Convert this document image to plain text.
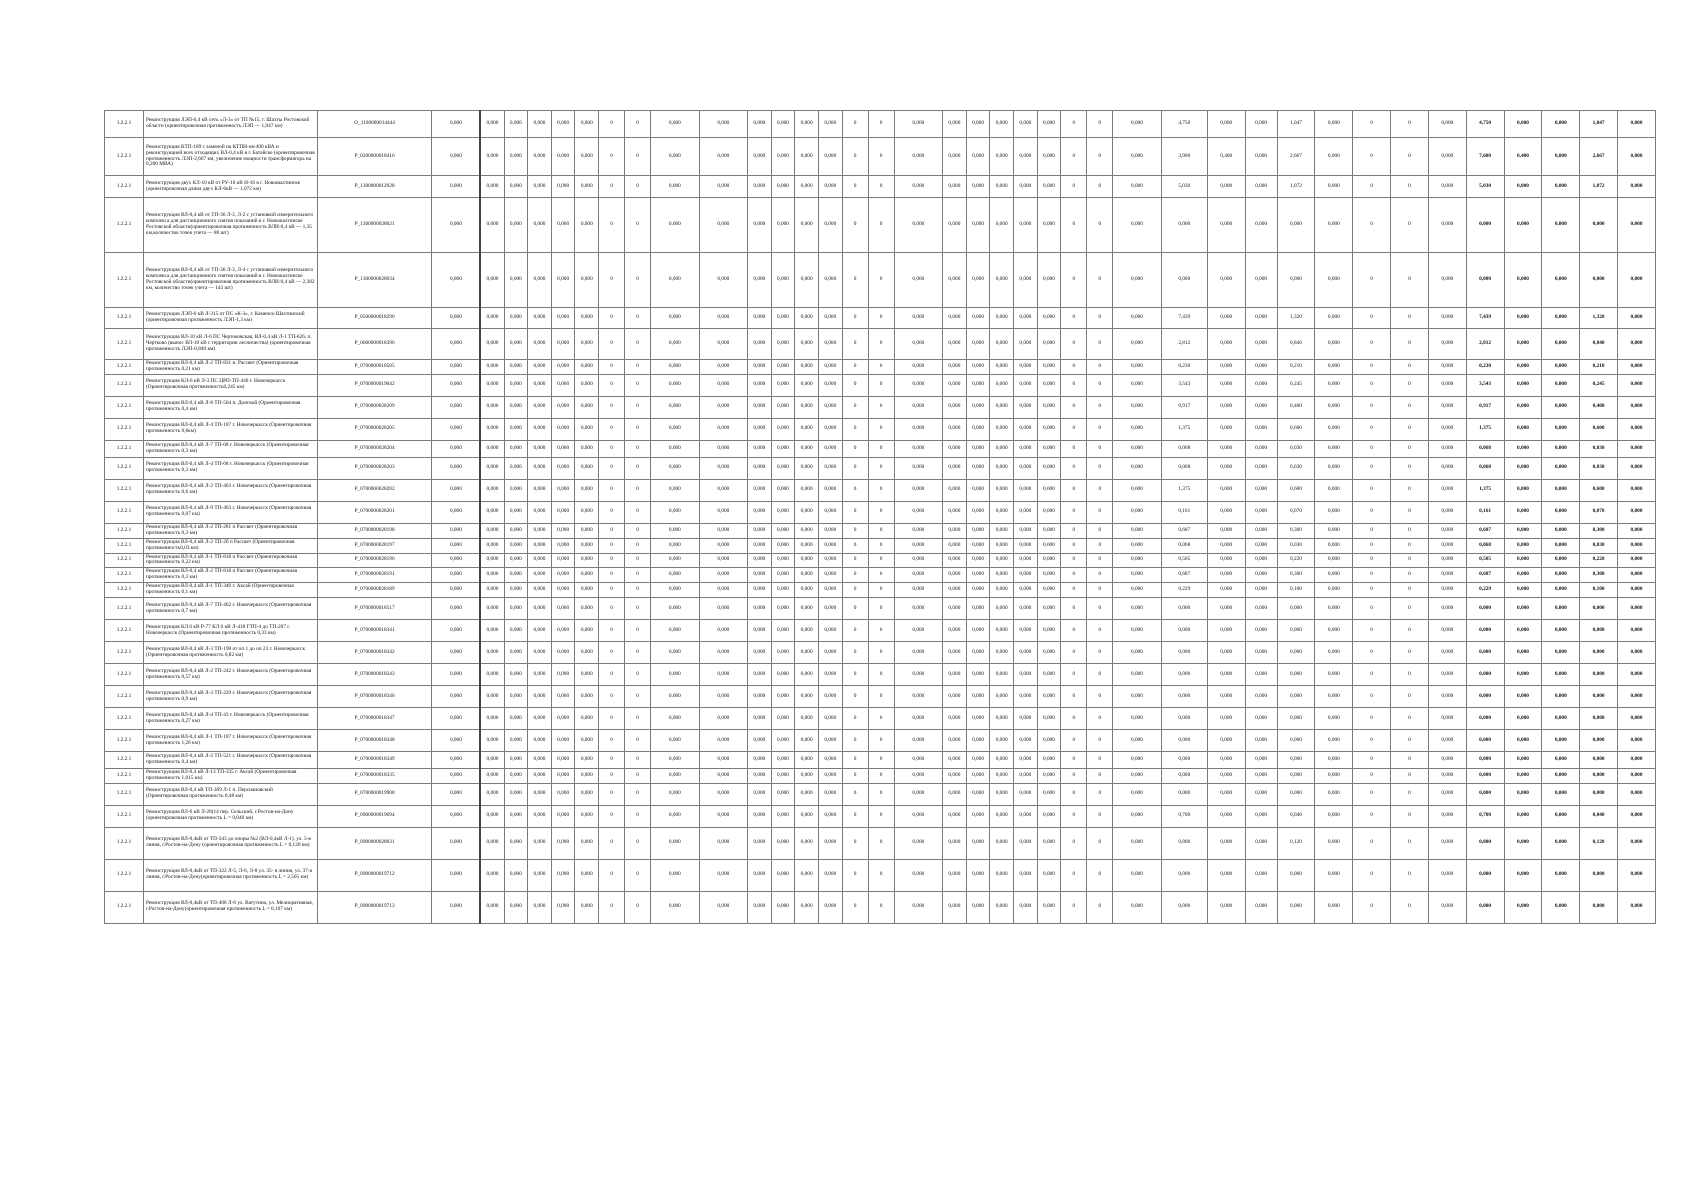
1.2.2.1	Реконструкция ЛЭП-0,4 кВ сеть «Л-3» от ТП №15, г. Шахты Ростовской области (ориентировочная протяженность ЛЭП — 1,047 км)	O_1100000014444	0,000	0,000	0,000	0,000	0,000	0,000	0	0	0,000	0,000	0,000	0,000	0,000	0,000	0	0	0,000	0,000	0,000	0,000	0,000	0,000	0	0	0,000	4,750	0,000	0,000	1,047	0,000	0	0	0,000	4,750	0,000	0,000	1,047	0,000
1.2.2.1	Реконструкция КТП-189 с заменой на КТПН-ов-400 кВА и реконструкцией всех отходящих ВЛ-0,4 кВ в г. Батайске (ориентировочная протяженность ЛЭП-2,667 км, увеличение мощности трансформатора на 0,200 МВА)	P_0200000018410	0,000	0,000	0,000	0,000	0,000	0,000	0	0	0,000	0,000	0,000	0,000	0,000	0,000	0	0	0,000	0,000	0,000	0,000	0,000	0,000	0	0	0,000	3,900	0,400	0,000	2,667	0,000	0	0	0,000	7,600	0,400	0,000	2,667	0,000
1.2.2.1	Реконструкция двух КЛ-10 кВ от РУ-10 кВ Н-16 в г. Новошахтинске (ориентировочная длина двух КЛ-6кВ — 1,072 км)	P_1300000012028	0,000	0,000	0,000	0,000	0,000	0,000	0	0	0,000	0,000	0,000	0,000	0,000	0,000	0	0	0,000	0,000	0,000	0,000	0,000	0,000	0	0	0,000	5,030	0,000	0,000	1,072	0,000	0	0	0,000	5,030	0,000	0,000	1,072	0,000
1.2.2.1	Реконструкция ВЛ-0,4 кВ от ТП-36 Л-3, Л-2 с установкой измерительного комплекса для дистанционного снятия показаний в г. Новошахтинске Ростовской области(ориентировочная протяженность ВЛИ-0,4 кВ — 1,35 км,количество точек учета — 88 шт)	P_1300000028021	0,000	0,000	0,000	0,000	0,000	0,000	0	0	0,000	0,000	0,000	0,000	0,000	0,000	0	0	0,000	0,000	0,000	0,000	0,000	0,000	0	0	0,000	0,000	0,000	0,000	0,000	0,000	0	0	0,000	0,000	0,000	0,000	0,000	0,000
1.2.2.1	Реконструкция ВЛ-0,4 кВ от ТП-36 Л-3, Л-4 с установкой измерительного комплекса для дистанционного снятия показаний в г. Новошахтинске Ростовской области(ориентировочная протяженность ВЛИ-0,4 кВ — 2,382 км, количество точек учета — 143 шт)	P_1300000028034	0,000	0,000	0,000	0,000	0,000	0,000	0	0	0,000	0,000	0,000	0,000	0,000	0,000	0	0	0,000	0,000	0,000	0,000	0,000	0,000	0	0	0,000	0,000	0,000	0,000	0,000	0,000	0	0	0,000	0,000	0,000	0,000	0,000	0,000
1.2.2.1	Реконструкция ЛЭП-6 кВ Л-315 от ПС «К-3», г. Каменск-Шахтинский (ориентировочная протяженность ЛЭП-1,3 км)	P_0500000018290	0,000	0,000	0,000	0,000	0,000	0,000	0	0	0,000	0,000	0,000	0,000	0,000	0,000	0	0	0,000	0,000	0,000	0,000	0,000	0,000	0	0	0,000	7,439	0,000	0,000	1,320	0,000	0	0	0,000	7,439	0,000	0,000	1,320	0,000
1.2.2.1	Реконструкция ВЛ-10 кВ Л-6 ПС Чертоковская, ВЛ-0,4 кВ Л-1 ТП-626, п. Чертково (вынос ВЛ-10 кВ с территории лесничества) (ориентировочная протяженность ЛЭП-0,840 км)	P_0600000018396	0,000	0,000	0,000	0,000	0,000	0,000	0	0	0,000	0,000	0,000	0,000	0,000	0,000	0	0	0,000	0,000	0,000	0,000	0,000	0,000	0	0	0,000	2,812	0,000	0,000	0,840	0,000	0	0	0,000	2,812	0,000	0,000	0,840	0,000
1.2.2.1	Реконструкция ВЛ-0,4 кВ Л-2 ТП-831 п. Рассвет (Ориентировочная протяженность 0,21 км)	P_0700000018505	0,000	0,000	0,000	0,000	0,000	0,000	0	0	0,000	0,000	0,000	0,000	0,000	0,000	0	0	0,000	0,000	0,000	0,000	0,000	0,000	0	0	0,000	0,230	0,000	0,000	0,210	0,000	0	0	0,000	0,230	0,000	0,000	0,210	0,000
1.2.2.1	Реконструкция КЛ-6 кВ Л-3 ПС ЦРП-ТП-440 г. Новочеркасск (Ориентировочная протяженность0,245 км)	P_0700000019042	0,000	0,000	0,000	0,000	0,000	0,000	0	0	0,000	0,000	0,000	0,000	0,000	0,000	0	0	0,000	0,000	0,000	0,000	0,000	0,000	0	0	0,000	3,543	0,000	0,000	0,245	0,000	0	0	0,000	3,543	0,000	0,000	0,245	0,000
1.2.2.1	Реконструкция ВЛ-0,4 кВ Л-8 ТП-504 п. Донской (Ориентировочная протяженность 0,4 км)	P_0700000028209	0,000	0,000	0,000	0,000	0,000	0,000	0	0	0,000	0,000	0,000	0,000	0,000	0,000	0	0	0,000	0,000	0,000	0,000	0,000	0,000	0	0	0,000	0,917	0,000	0,000	0,400	0,000	0	0	0,000	0,917	0,000	0,000	0,400	0,000
1.2.2.1	Реконструкция ВЛ-0,4 кВ Л-4 ТП-187 г. Новочеркасск (Ориентировочная протяженность 0,6км)	P_0700000028205	0,000	0,000	0,000	0,000	0,000	0,000	0	0	0,000	0,000	0,000	0,000	0,000	0,000	0	0	0,000	0,000	0,000	0,000	0,000	0,000	0	0	0,000	1,375	0,000	0,000	0,600	0,000	0	0	0,000	1,375	0,000	0,000	0,600	0,000
1.2.2.1	Реконструкция ВЛ-0,4 кВ Л-7 ТП-68 г. Новочеркасск (Ориентировочная протяженность 0,3 км)	P_0700000028204	0,000	0,000	0,000	0,000	0,000	0,000	0	0	0,000	0,000	0,000	0,000	0,000	0,000	0	0	0,000	0,000	0,000	0,000	0,000	0,000	0	0	0,000	0,068	0,000	0,000	0,030	0,000	0	0	0,000	0,068	0,000	0,000	0,030	0,000
1.2.2.1	Реконструкция ВЛ-0,4 кВ Л-4 ТП-68 г. Новочеркасск (Ориентировочная протяженность 0,3 км)	P_0700000028203	0,000	0,000	0,000	0,000	0,000	0,000	0	0	0,000	0,000	0,000	0,000	0,000	0,000	0	0	0,000	0,000	0,000	0,000	0,000	0,000	0	0	0,000	0,068	0,000	0,000	0,030	0,000	0	0	0,000	0,068	0,000	0,000	0,030	0,000
1.2.2.1	Реконструкция ВЛ-0,4 кВ Л-2 ТП-463 г. Новочеркасск (Ориентировочная протяженность 0,6 км)	P_0700000028202	0,000	0,000	0,000	0,000	0,000	0,000	0	0	0,000	0,000	0,000	0,000	0,000	0,000	0	0	0,000	0,000	0,000	0,000	0,000	0,000	0	0	0,000	1,375	0,000	0,000	0,600	0,000	0	0	0,000	1,375	0,000	0,000	0,600	0,000
1.2.2.1	Реконструкция ВЛ-0,4 кВ Л-9 ТП-463 г. Новочеркасск (Ориентировочная протяженность 0,07 км)	P_0700000028201	0,000	0,000	0,000	0,000	0,000	0,000	0	0	0,000	0,000	0,000	0,000	0,000	0,000	0	0	0,000	0,000	0,000	0,000	0,000	0,000	0	0	0,000	0,161	0,000	0,000	0,070	0,000	0	0	0,000	0,161	0,000	0,000	0,070	0,000
1.2.2.1	Реконструкция ВЛ-0,4 кВ Л-2 ТП-281 п Рассвет (Ориентировочная протяженность 0,3 км)	P_0700000028198	0,000	0,000	0,000	0,000	0,000	0,000	0	0	0,000	0,000	0,000	0,000	0,000	0,000	0	0	0,000	0,000	0,000	0,000	0,000	0,000	0	0	0,000	0,687	0,000	0,000	0,300	0,000	0	0	0,000	0,687	0,000	0,000	0,300	0,000
1.2.2.1	Реконструкция ВЛ-0,4 кВ Л-2 ТП-2б п Рассвет (Ориентировочная протяженность0,03 км)	P_0700000028197	0,000	0,000	0,000	0,000	0,000	0,000	0	0	0,000	0,000	0,000	0,000	0,000	0,000	0	0	0,000	0,000	0,000	0,000	0,000	0,000	0	0	0,000	0,068	0,000	0,000	0,030	0,000	0	0	0,000	0,068	0,000	0,000	0,030	0,000
1.2.2.1	Реконструкция ВЛ-0,4 кВ Л-1 ТП-818 п Рассвет (Ориентировочная протяженность 0,22 км)	P_0700000028196	0,000	0,000	0,000	0,000	0,000	0,000	0	0	0,000	0,000	0,000	0,000	0,000	0,000	0	0	0,000	0,000	0,000	0,000	0,000	0,000	0	0	0,000	0,505	0,000	0,000	0,220	0,000	0	0	0,000	0,505	0,000	0,000	0,220	0,000
1.2.2.1	Реконструкция ВЛ-0,4 кВ Л-2 ТП-818 п Рассвет (Ориентировочная протяженность 0,3 км)	P_0700000028191	0,000	0,000	0,000	0,000	0,000	0,000	0	0	0,000	0,000	0,000	0,000	0,000	0,000	0	0	0,000	0,000	0,000	0,000	0,000	0,000	0	0	0,000	0,687	0,000	0,000	0,300	0,000	0	0	0,000	0,687	0,000	0,000	0,300	0,000
1.2.2.1	Реконструкция ВЛ-0,4 кВ Л-1 ТП-340 г. Аксай (Ориентировочная протяженность 0,1 км)	P_0700000028189	0,000	0,000	0,000	0,000	0,000	0,000	0	0	0,000	0,000	0,000	0,000	0,000	0,000	0	0	0,000	0,000	0,000	0,000	0,000	0,000	0	0	0,000	0,229	0,000	0,000	0,100	0,000	0	0	0,000	0,229	0,000	0,000	0,100	0,000
1.2.2.1	Реконструкция ВЛ-0,4 кВ Л-7 ТП-462 г. Новочеркасск (Ориентировочная протяженность 0,7 км)	P_0700000018517	0,000	0,000	0,000	0,000	0,000	0,000	0	0	0,000	0,000	0,000	0,000	0,000	0,000	0	0	0,000	0,000	0,000	0,000	0,000	0,000	0	0	0,000	0,000	0,000	0,000	0,000	0,000	0	0	0,000	0,000	0,000	0,000	0,000	0,000
1.2.2.1	Реконструкция КЛ 6 кВ Р-77 КЛ 6 кВ Л-418 ГТП-4 до ТП-207 г. Новочеркасск (Ориентировочная протяженность 0,33 км)	P_0700000018341	0,000	0,000	0,000	0,000	0,000	0,000	0	0	0,000	0,000	0,000	0,000	0,000	0,000	0	0	0,000	0,000	0,000	0,000	0,000	0,000	0	0	0,000	0,000	0,000	0,000	0,000	0,000	0	0	0,000	0,000	0,000	0,000	0,000	0,000
1.2.2.1	Реконструкция ВЛ-0,4 кВ Л-3 ТП-198 от оп 1 до оп 23 г. Новочеркасск (Ориентировочная протяженность 0,82 км)	P_0700000018342	0,000	0,000	0,000	0,000	0,000	0,000	0	0	0,000	0,000	0,000	0,000	0,000	0,000	0	0	0,000	0,000	0,000	0,000	0,000	0,000	0	0	0,000	0,000	0,000	0,000	0,000	0,000	0	0	0,000	0,000	0,000	0,000	0,000	0,000
1.2.2.1	Реконструкция ВЛ-0,4 кВ Л-2 ТП-242 г. Новочеркасск (Ориентировочная протяженность 0,57 км)	P_0700000018343	0,000	0,000	0,000	0,000	0,000	0,000	0	0	0,000	0,000	0,000	0,000	0,000	0,000	0	0	0,000	0,000	0,000	0,000	0,000	0,000	0	0	0,000	0,000	0,000	0,000	0,000	0,000	0	0	0,000	0,000	0,000	0,000	0,000	0,000
1.2.2.1	Реконструкция ВЛ-0,4 кВ Л-3 ТП-220 г. Новочеркасск (Ориентировочная протяженность 0,9 км)	P_0700000018346	0,000	0,000	0,000	0,000	0,000	0,000	0	0	0,000	0,000	0,000	0,000	0,000	0,000	0	0	0,000	0,000	0,000	0,000	0,000	0,000	0	0	0,000	0,000	0,000	0,000	0,000	0,000	0	0	0,000	0,000	0,000	0,000	0,000	0,000
1.2.2.1	Реконструкция ВЛ-0,4 кВ Л-4 ТП-43 г. Новочеркасск (Ориентировочная протяженность 0,27 км)	P_0700000018347	0,000	0,000	0,000	0,000	0,000	0,000	0	0	0,000	0,000	0,000	0,000	0,000	0,000	0	0	0,000	0,000	0,000	0,000	0,000	0,000	0	0	0,000	0,000	0,000	0,000	0,000	0,000	0	0	0,000	0,000	0,000	0,000	0,000	0,000
1.2.2.1	Реконструкция ВЛ-0,4 кВ Л-1 ТП-187 г. Новочеркасск (Ориентировочная протяженность 1,26 км)	P_0700000018348	0,000	0,000	0,000	0,000	0,000	0,000	0	0	0,000	0,000	0,000	0,000	0,000	0,000	0	0	0,000	0,000	0,000	0,000	0,000	0,000	0	0	0,000	0,000	0,000	0,000	0,000	0,000	0	0	0,000	0,000	0,000	0,000	0,000	0,000
1.2.2.1	Реконструкция ВЛ-0,4 кВ Л-2 ТП-521 г. Новочеркасск (Ориентировочная протяженность 0,4 км)	P_0700000018349	0,000	0,000	0,000	0,000	0,000	0,000	0	0	0,000	0,000	0,000	0,000	0,000	0,000	0	0	0,000	0,000	0,000	0,000	0,000	0,000	0	0	0,000	0,000	0,000	0,000	0,000	0,000	0	0	0,000	0,000	0,000	0,000	0,000	0,000
1.2.2.1	Реконструкция ВЛ-0,4 кВ Л-13 ТП-335 г. Аксай (Ориентировочная протяженность 1,015 км)	P_0700000018335	0,000	0,000	0,000	0,000	0,000	0,000	0	0	0,000	0,000	0,000	0,000	0,000	0,000	0	0	0,000	0,000	0,000	0,000	0,000	0,000	0	0	0,000	0,000	0,000	0,000	0,000	0,000	0	0	0,000	0,000	0,000	0,000	0,000	0,000
1.2.2.1	Реконструкция ВЛ-0,4 кВ ТП-369 Л-1 п. Персиановский (Ориентировочная протяженность 0,48 км)	P_0700000019908	0,000	0,000	0,000	0,000	0,000	0,000	0	0	0,000	0,000	0,000	0,000	0,000	0,000	0	0	0,000	0,000	0,000	0,000	0,000	0,000	0	0	0,000	0,000	0,000	0,000	0,000	0,000	0	0	0,000	0,000	0,000	0,000	0,000	0,000
1.2.2.1	Реконструкция ВЛ-6 кВ Л-28(14 пер. Сельский, г.Ростов-на-Дону (ориентировочная протяженность L = 0,040 км)	P_0900000019694	0,000	0,000	0,000	0,000	0,000	0,000	0	0	0,000	0,000	0,000	0,000	0,000	0,000	0	0	0,000	0,000	0,000	0,000	0,000	0,000	0	0	0,000	0,700	0,000	0,000	0,040	0,000	0	0	0,000	0,700	0,000	0,000	0,040	0,000
1.2.2.1	Реконструкция ВЛ-0,4кВ от ТП-343 до опоры №2 (ВЛ-0,4кВ Л-1), ул. 5-я линия, г.Ростов-на-Дону (ориентировочная протяженность L = 0,120 км)	P_0900000028031	0,000	0,000	0,000	0,000	0,000	0,000	0	0	0,000	0,000	0,000	0,000	0,000	0,000	0	0	0,000	0,000	0,000	0,000	0,000	0,000	0	0	0,000	0,800	0,000	0,000	0,120	0,000	0	0	0,000	0,800	0,000	0,000	0,120	0,000
1.2.2.1	Реконструкция ВЛ-0,4кВ от ТП-322 Л-5, Л-6, Л-8 ул. 35- я линия, ул. 37-я линия, г.Ростов-на-Дону(ориентировочная протяженность L = 2,505 км)	P_0900000019712	0,000	0,000	0,000	0,000	0,000	0,000	0	0	0,000	0,000	0,000	0,000	0,000	0,000	0	0	0,000	0,000	0,000	0,000	0,000	0,000	0	0	0,000	0,000	0,000	0,000	0,000	0,000	0	0	0,000	0,000	0,000	0,000	0,000	0,000
1.2.2.1	Реконструкция ВЛ-0,4кВ от ТП-408 Л-6 ул. Ватутина, ул. Мелиоративная, г.Ростов-на-Дону(ориентировочная протяженность L = 0,107 км)	P_0900000019713	0,000	0,000	0,000	0,000	0,000	0,000	0	0	0,000	0,000	0,000	0,000	0,000	0,000	0	0	0,000	0,000	0,000	0,000	0,000	0,000	0	0	0,000	0,000	0,000	0,000	0,000	0,000	0	0	0,000	0,000	0,000	0,000	0,000	0,000
